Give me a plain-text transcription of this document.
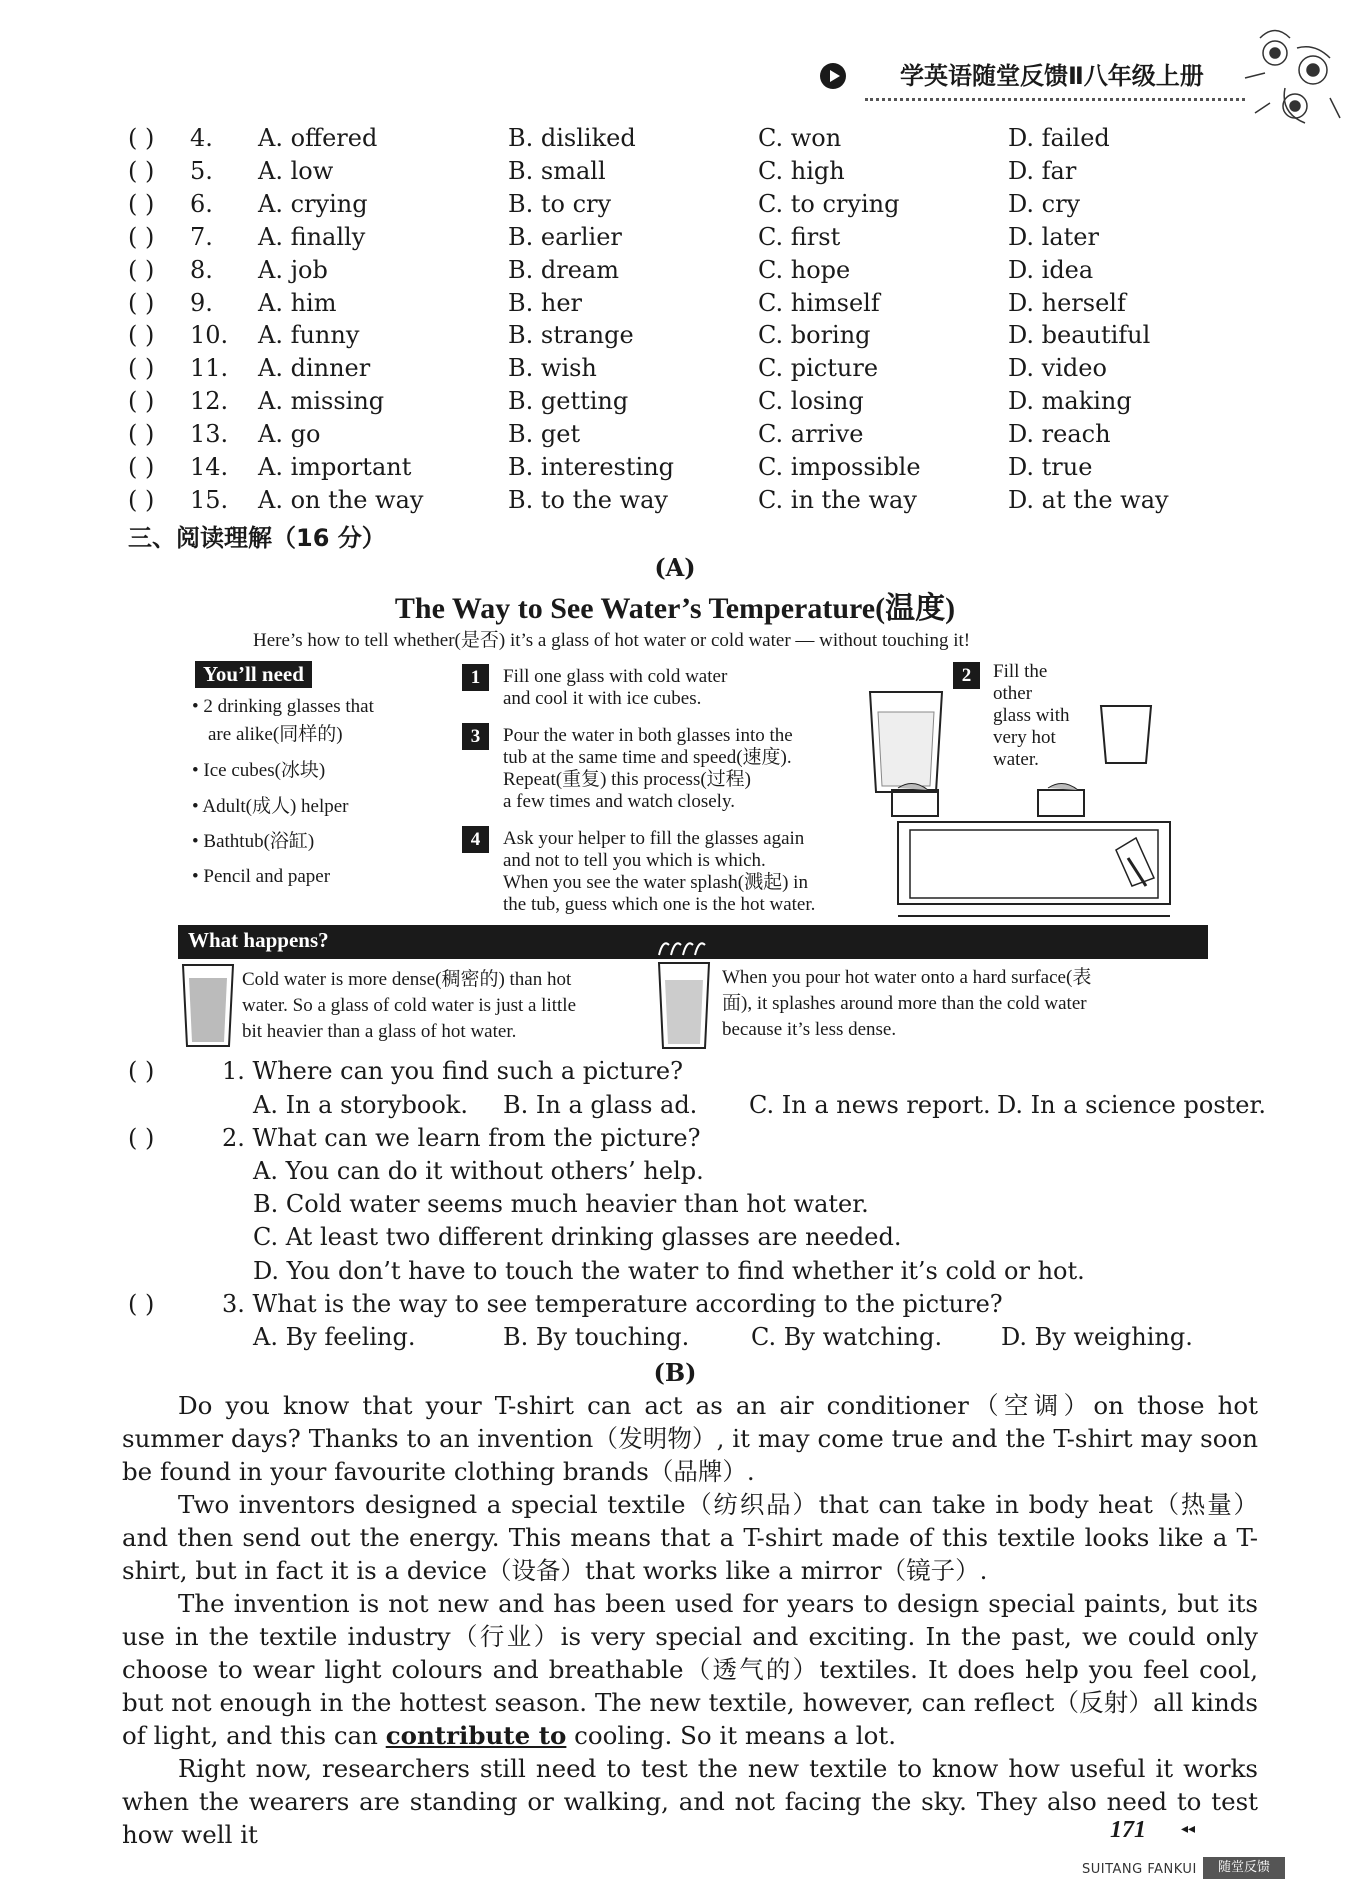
学英语随堂反馈Ⅱ八年级上册
( ) 4. A. offered	B. disliked	C. won	D. failed
( ) 5. A. low	B. small	C. high	D. far
( ) 6. A. crying	B. to cry	C. to crying	D. cry
( ) 7. A. finally	B. earlier	C. first	D. later
( ) 8. A. job	B. dream	C. hope	D. idea
( ) 9. A. him	B. her	C. himself	D. herself
( ) 10. A. funny	B. strange	C. boring	D. beautiful
( ) 11. A. dinner	B. wish	C. picture	D. video
( ) 12. A. missing	B. getting	C. losing	D. making
( ) 13. A. go	B. get	C. arrive	D. reach
( ) 14. A. important	B. interesting	C. impossible	D. true
( ) 15. A. on the way	B. to the way	C. in the way	D. at the way
三、阅读理解（16 分）
(A)
The Way to See Water’s Temperature(温度)
Here’s how to tell whether(是否) it’s a glass of hot water or cold water — without touching it!
You’ll need
• 2 drinking glasses that
are alike(同样的)
• Ice cubes(冰块)
• Adult(成人) helper
• Bathtub(浴缸)
• Pencil and paper
1	Fill one glass with cold water
and cool it with ice cubes.
2	Fill the
other
glass with
very hot
water.
3	Pour the water in both glasses into the
tub at the same time and speed(速度).
Repeat(重复) this process(过程)
a few times and watch closely.
4	Ask your helper to fill the glasses again
and not to tell you which is which.
When you see the water splash(溅起) in
the tub, guess which one is the hot water.
What happens?
Cold water is more dense(稠密的) than hot
water. So a glass of cold water is just a little
bit heavier than a glass of hot water.
When you pour hot water onto a hard surface(表
面), it splashes around more than the cold water
because it’s less dense.
( )	1. Where can you find such a picture?
A. In a storybook. B. In a glass ad. C. In a news report. D. In a science poster.
( )	2. What can we learn from the picture?
A. You can do it without others’ help.
B. Cold water seems much heavier than hot water.
C. At least two different drinking glasses are needed.
D. You don’t have to touch the water to find whether it’s cold or hot.
( )	3. What is the way to see temperature according to the picture?
A. By feeling.	B. By touching.	C. By watching. D. By weighing.
(B)

Do you know that your T-shirt can act as an air conditioner（空调）on those hot summer days? Thanks to an invention（发明物）, it may come true and the T-shirt may soon be found in your favourite clothing brands（品牌）.

Two inventors designed a special textile（纺织品）that can take in body heat（热量）and then send out the energy. This means that a T-shirt made of this textile looks like a T-shirt, but in fact it is a device（设备）that works like a mirror（镜子）.

The invention is not new and has been used for years to design special paints, but its use in the textile industry（行业）is very special and exciting. In the past, we could only choose to wear light colours and breathable（透气的）textiles. It does help you feel cool, but not enough in the hottest season. The new textile, however, can reflect（反射）all kinds of light, and this can contribute to cooling. So it means a lot.

Right now, researchers still need to test the new textile to know how useful it works when the wearers are standing or walking, and not facing the sky. They also need to test how well it	171	◂◂
SUITANG FANKUI	随堂反馈
